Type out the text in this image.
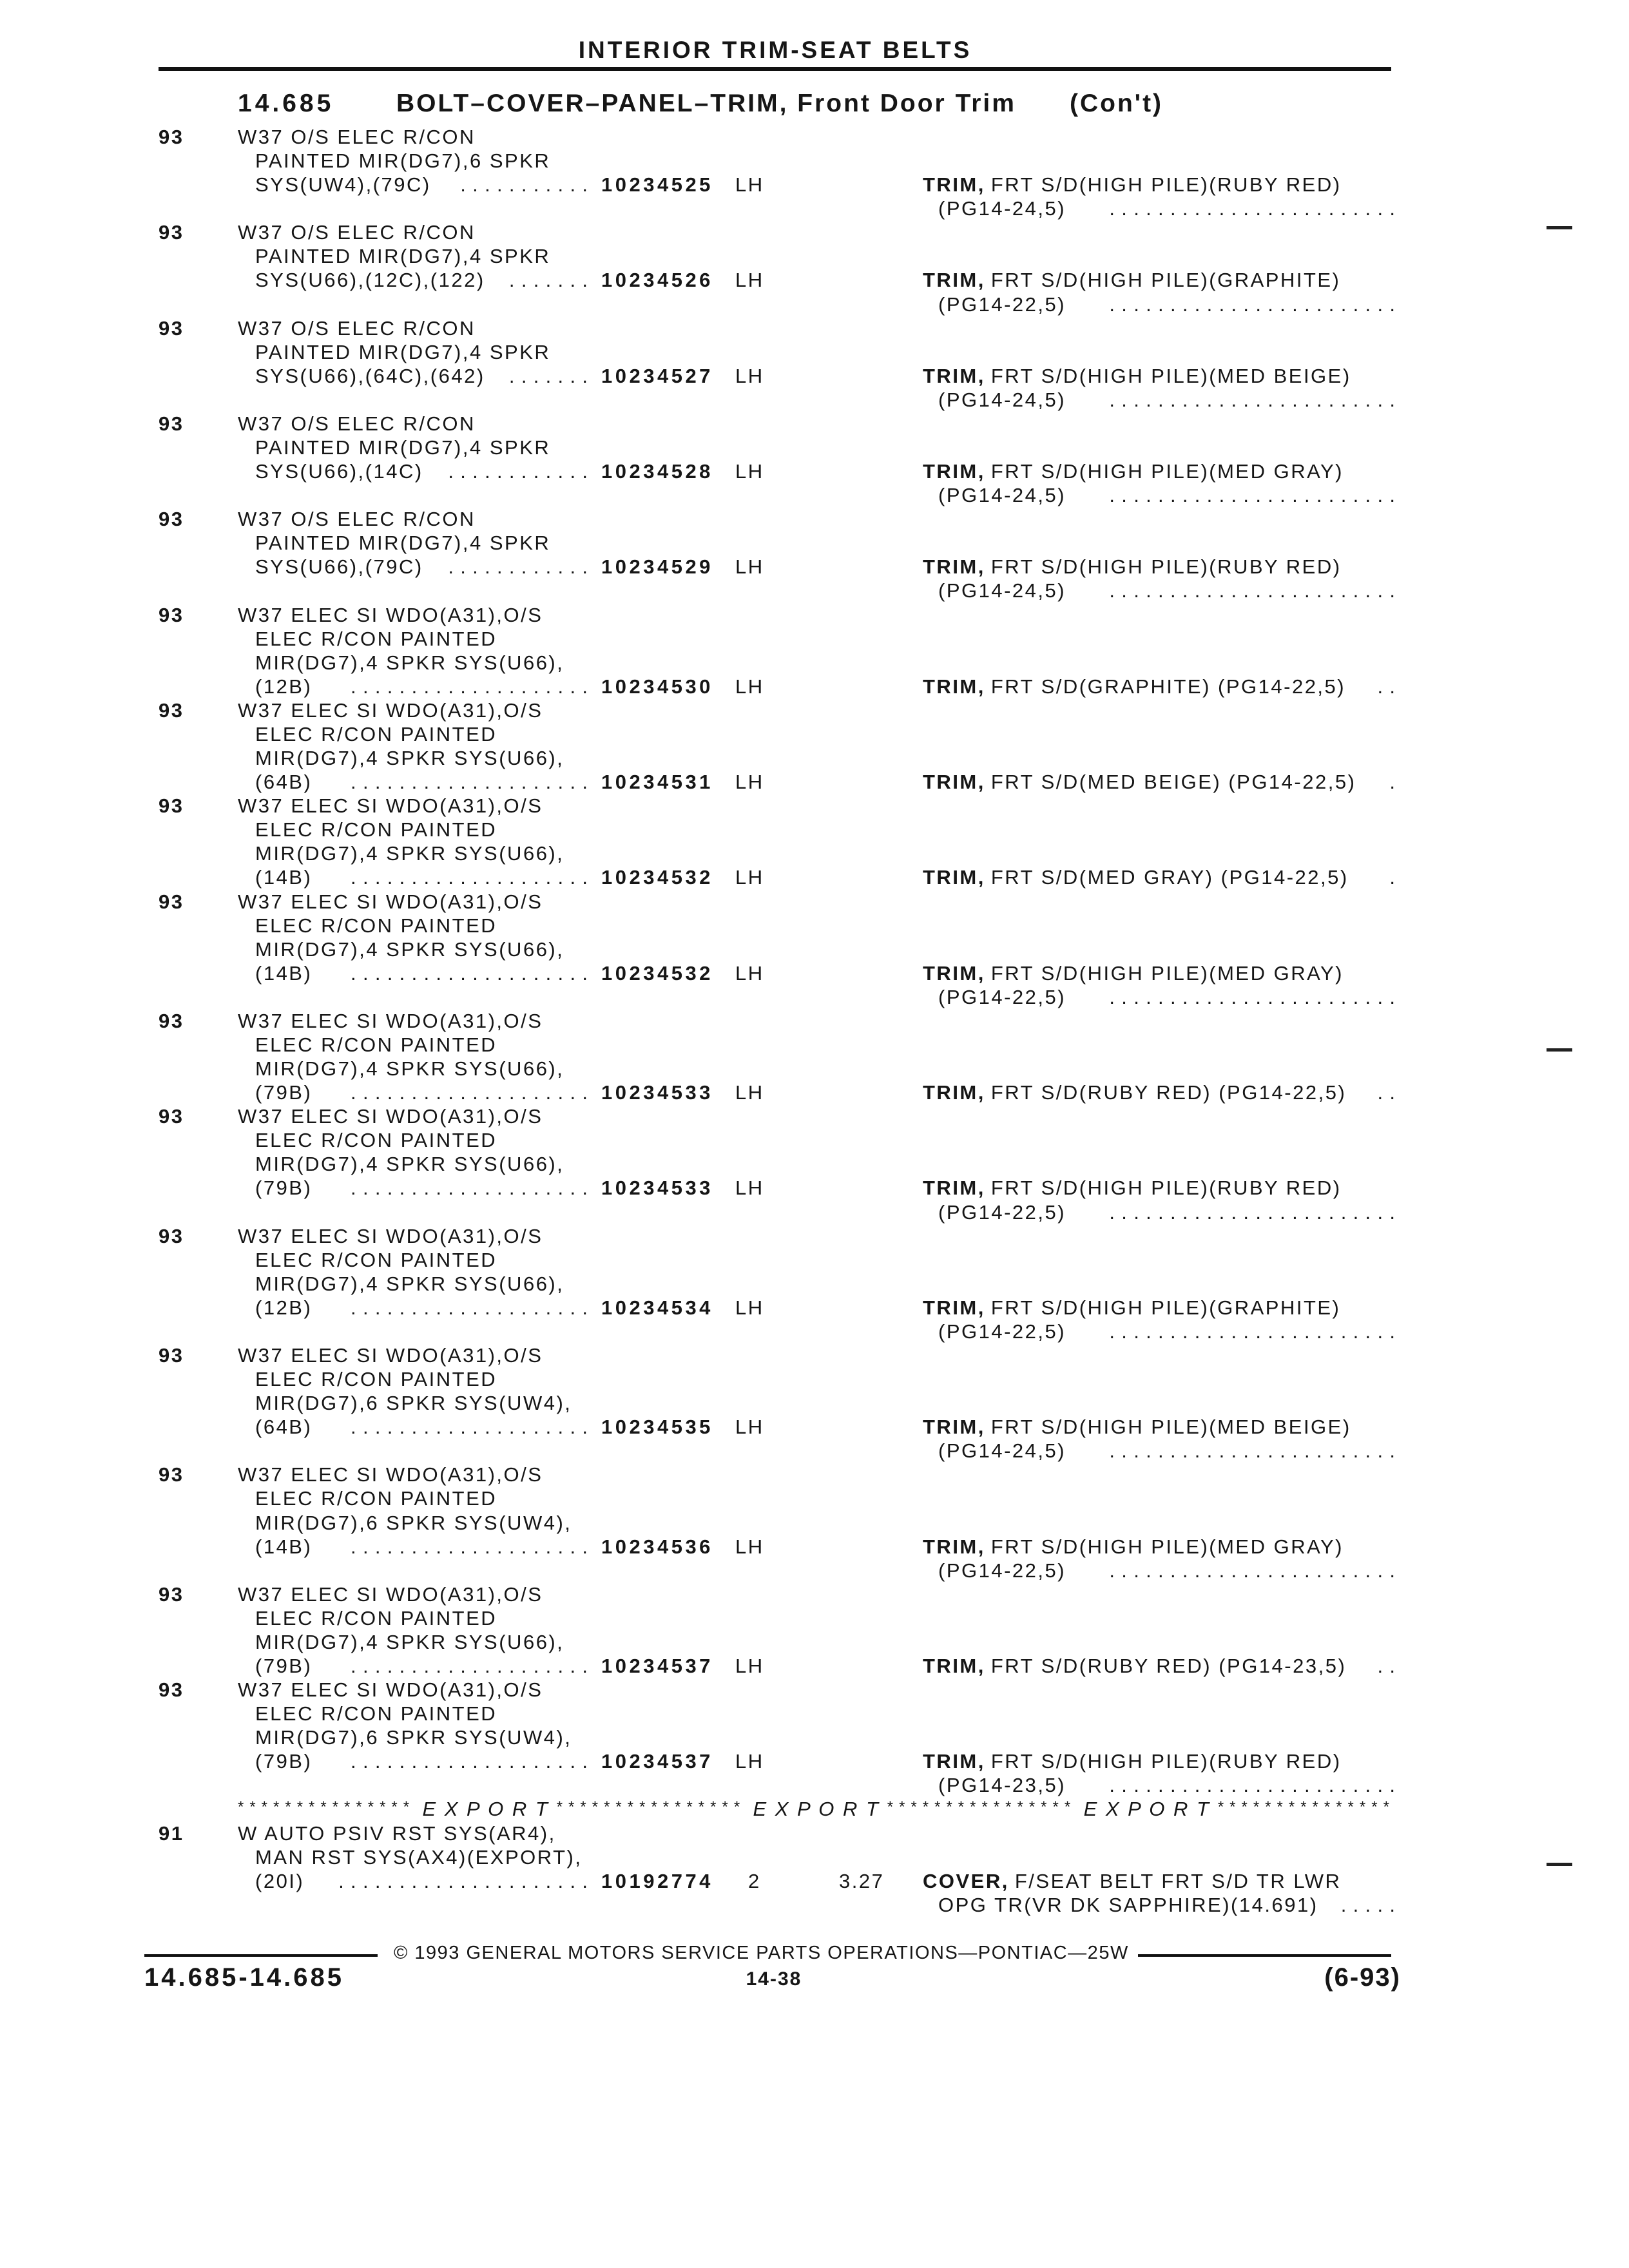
INTERIOR TRIM-SEAT BELTS
14.685 BOLT–COVER–PANEL–TRIM, Front Door Trim (Con't)
93	W37 O/S ELEC R/CON
PAINTED MIR(DG7),6 SPKR
SYS(UW4),(79C)	........... 10234525 LH	TRIM, FRT S/D(HIGH PILE)(RUBY RED)
(PG14-24,5)	........................
93	W37 O/S ELEC R/CON
PAINTED MIR(DG7),4 SPKR
SYS(U66),(12C),(122)	....... 10234526 LH	TRIM, FRT S/D(HIGH PILE)(GRAPHITE)
(PG14-22,5)	........................
93	W37 O/S ELEC R/CON
PAINTED MIR(DG7),4 SPKR
SYS(U66),(64C),(642)	....... 10234527 LH	TRIM, FRT S/D(HIGH PILE)(MED BEIGE)
(PG14-24,5)	........................
93	W37 O/S ELEC R/CON
PAINTED MIR(DG7),4 SPKR
SYS(U66),(14C)	............ 10234528 LH	TRIM, FRT S/D(HIGH PILE)(MED GRAY)
(PG14-24,5)	........................
93	W37 O/S ELEC R/CON
PAINTED MIR(DG7),4 SPKR
SYS(U66),(79C)	............ 10234529 LH	TRIM, FRT S/D(HIGH PILE)(RUBY RED)
(PG14-24,5)	........................
93	W37 ELEC SI WDO(A31),O/S
ELEC R/CON PAINTED
MIR(DG7),4 SPKR SYS(U66),
(12B)	.................... 10234530 LH	TRIM, FRT S/D(GRAPHITE) (PG14-22,5)	..
93	W37 ELEC SI WDO(A31),O/S
ELEC R/CON PAINTED
MIR(DG7),4 SPKR SYS(U66),
(64B)	.................... 10234531 LH	TRIM, FRT S/D(MED BEIGE) (PG14-22,5)	.
93	W37 ELEC SI WDO(A31),O/S
ELEC R/CON PAINTED
MIR(DG7),4 SPKR SYS(U66),
(14B)	.................... 10234532 LH	TRIM, FRT S/D(MED GRAY) (PG14-22,5)	.
93	W37 ELEC SI WDO(A31),O/S
ELEC R/CON PAINTED
MIR(DG7),4 SPKR SYS(U66),
(14B)	.................... 10234532 LH	TRIM, FRT S/D(HIGH PILE)(MED GRAY)
(PG14-22,5)	........................
93	W37 ELEC SI WDO(A31),O/S
ELEC R/CON PAINTED
MIR(DG7),4 SPKR SYS(U66),
(79B)	.................... 10234533 LH	TRIM, FRT S/D(RUBY RED) (PG14-22,5)	..
93	W37 ELEC SI WDO(A31),O/S
ELEC R/CON PAINTED
MIR(DG7),4 SPKR SYS(U66),
(79B)	.................... 10234533 LH	TRIM, FRT S/D(HIGH PILE)(RUBY RED)
(PG14-22,5)	........................
93	W37 ELEC SI WDO(A31),O/S
ELEC R/CON PAINTED
MIR(DG7),4 SPKR SYS(U66),
(12B)	.................... 10234534 LH	TRIM, FRT S/D(HIGH PILE)(GRAPHITE)
(PG14-22,5)	........................
93	W37 ELEC SI WDO(A31),O/S
ELEC R/CON PAINTED
MIR(DG7),6 SPKR SYS(UW4),
(64B)	.................... 10234535 LH	TRIM, FRT S/D(HIGH PILE)(MED BEIGE)
(PG14-24,5)	........................
93	W37 ELEC SI WDO(A31),O/S
ELEC R/CON PAINTED
MIR(DG7),6 SPKR SYS(UW4),
(14B)	.................... 10234536 LH	TRIM, FRT S/D(HIGH PILE)(MED GRAY)
(PG14-22,5)	........................
93	W37 ELEC SI WDO(A31),O/S
ELEC R/CON PAINTED
MIR(DG7),4 SPKR SYS(U66),
(79B)	.................... 10234537 LH	TRIM, FRT S/D(RUBY RED) (PG14-23,5)	..
93	W37 ELEC SI WDO(A31),O/S
ELEC R/CON PAINTED
MIR(DG7),6 SPKR SYS(UW4),
(79B)	.................... 10234537 LH	TRIM, FRT S/D(HIGH PILE)(RUBY RED)
(PG14-23,5)	........................
*************** E X P O R T **************** E X P O R T **************** E X P O R T ***************
91	W AUTO PSIV RST SYS(AR4),
MAN RST SYS(AX4)(EXPORT),
(20I)	..................... 10192774 2	3.27 COVER, F/SEAT BELT FRT S/D TR LWR
OPG TR(VR DK SAPPHIRE)(14.691)	.....
© 1993 GENERAL MOTORS SERVICE PARTS OPERATIONS—PONTIAC—25W
14.685-14.685	14-38	(6-93)
